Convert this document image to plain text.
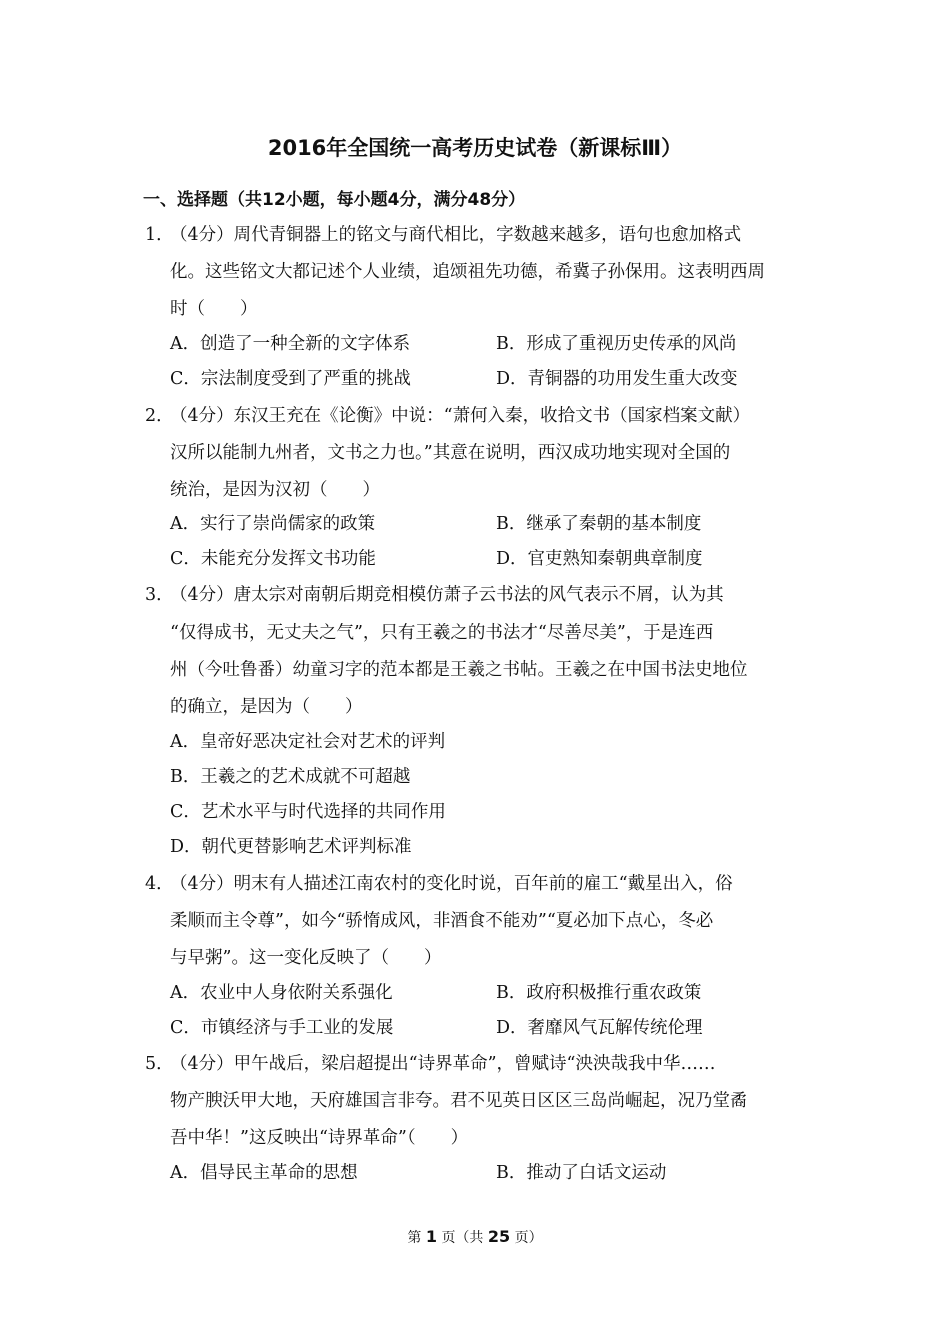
2016年全国统一高考历史试卷（新课标Ⅲ）
一、选择题（共12小题，每小题4分，满分48分）
1．
（4分）周代青铜器上的铭文与商代相比，字数越来越多，语句也愈加格式
化。这些铭文大都记述个人业绩，追颂祖先功德，希冀子孙保用。这表明西周
时（　　）
A．创造了一种全新的文字体系	B．形成了重视历史传承的风尚
C．宗法制度受到了严重的挑战	D．青铜器的功用发生重大改变
2．
（4分）东汉王充在《论衡》中说：“萧何入秦，收拾文书（国家档案文献）
汉所以能制九州者，文书之力也。”其意在说明，西汉成功地实现对全国的
统治，是因为汉初（　　）
A．实行了崇尚儒家的政策	B．继承了秦朝的基本制度
C．未能充分发挥文书功能	D．官吏熟知秦朝典章制度
3．
（4分）唐太宗对南朝后期竞相模仿萧子云书法的风气表示不屑，认为其
“仅得成书，无丈夫之气”，只有王羲之的书法才“尽善尽美”，于是连西
州（今吐鲁番）幼童习字的范本都是王羲之书帖。王羲之在中国书法史地位
的确立，是因为（　　）
A．皇帝好恶决定社会对艺术的评判
B．王羲之的艺术成就不可超越
C．艺术水平与时代选择的共同作用
D．朝代更替影响艺术评判标准
4．
（4分）明末有人描述江南农村的变化时说，百年前的雇工“戴星出入，俗
柔顺而主令尊”，如今“骄惰成风，非酒食不能劝”“夏必加下点心，冬必
与早粥”。这一变化反映了（　　）
A．农业中人身依附关系强化	B．政府积极推行重农政策
C．市镇经济与手工业的发展	D．奢靡风气瓦解传统伦理
5．
（4分）甲午战后，梁启超提出“诗界革命”，曾赋诗“泱泱哉我中华……
物产腴沃甲大地，天府雄国言非夸。君不见英日区区三岛尚崛起，况乃堂矞
吾中华！”这反映出“诗界革命”（　　）
A．倡导民主革命的思想	B．推动了白话文运动
第 1 页（共 25 页）
